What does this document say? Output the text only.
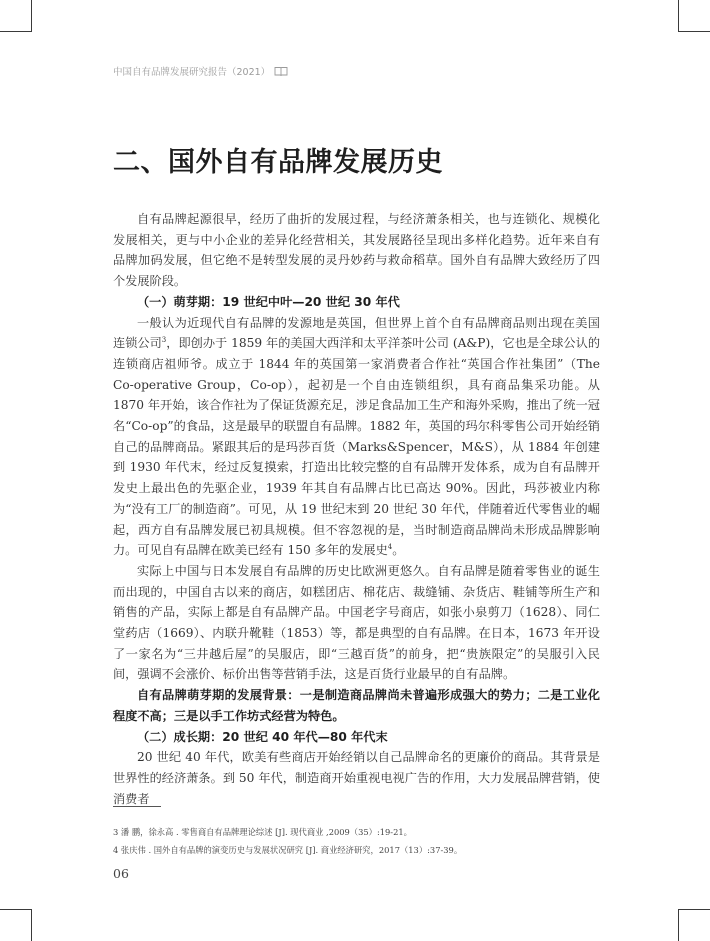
中国自有品牌发展研究报告（2021）
二、国外自有品牌发展历史

自有品牌起源很早，经历了曲折的发展过程，与经济萧条相关，也与连锁化、规模化发展相关，更与中小企业的差异化经营相关，其发展路径呈现出多样化趋势。近年来自有品牌加码发展，但它绝不是转型发展的灵丹妙药与救命稻草。国外自有品牌大致经历了四个发展阶段。

（一）萌芽期：19 世纪中叶—20 世纪 30 年代

一般认为近现代自有品牌的发源地是英国，但世界上首个自有品牌商品则出现在美国连锁公司$^3$，即创办于 1859 年的美国大西洋和太平洋茶叶公司 (A&P)，它也是全球公认的连锁商店祖师爷。成立于 1844 年的英国第一家消费者合作社“英国合作社集团”（The Co-operative Group，Co-op），起初是一个自由连锁组织，具有商品集采功能。从 1870 年开始，该合作社为了保证货源充足，涉足食品加工生产和海外采购，推出了统一冠名“Co-op”的食品，这是最早的联盟自有品牌。1882 年，英国的玛尔科零售公司开始经销自己的品牌商品。紧跟其后的是玛莎百货（Marks&Spencer，M&S），从 1884 年创建到 1930 年代末，经过反复摸索，打造出比较完整的自有品牌开发体系，成为自有品牌开发史上最出色的先驱企业，1939 年其自有品牌占比已高达 90%。因此，玛莎被业内称为“没有工厂的制造商”。可见，从 19 世纪末到 20 世纪 30 年代，伴随着近代零售业的崛起，西方自有品牌发展已初具规模。但不容忽视的是，当时制造商品牌尚未形成品牌影响力。可见自有品牌在欧美已经有 150 多年的发展史$^4$。

实际上中国与日本发展自有品牌的历史比欧洲更悠久。自有品牌是随着零售业的诞生而出现的，中国自古以来的商店，如糕团店、棉花店、裁缝铺、杂货店、鞋铺等所生产和销售的产品，实际上都是自有品牌产品。中国老字号商店，如张小泉剪刀（1628）、同仁堂药店（1669）、内联升靴鞋（1853）等，都是典型的自有品牌。在日本，1673 年开设了一家名为“三井越后屋”的吴服店，即“三越百货”的前身，把“贵族限定”的吴服引入民间，强调不会涨价、标价出售等营销手法，这是百货行业最早的自有品牌。

自有品牌萌芽期的发展背景：一是制造商品牌尚未普遍形成强大的势力；二是工业化程度不高；三是以手工作坊式经营为特色。

（二）成长期：20 世纪 40 年代—80 年代末

20 世纪 40 年代，欧美有些商店开始经销以自己品牌命名的更廉价的商品。其背景是世界性的经济萧条。到 50 年代，制造商开始重视电视广告的作用，大力发展品牌营销，使消费者

3 潘 鹏，徐永高 . 零售商自有品牌理论综述 [J]. 现代商业 ,2009（35）:19-21。
4 张庆伟 . 国外自有品牌的演变历史与发展状况研究 [J]. 商业经济研究，2017（13）:37-39。
06
